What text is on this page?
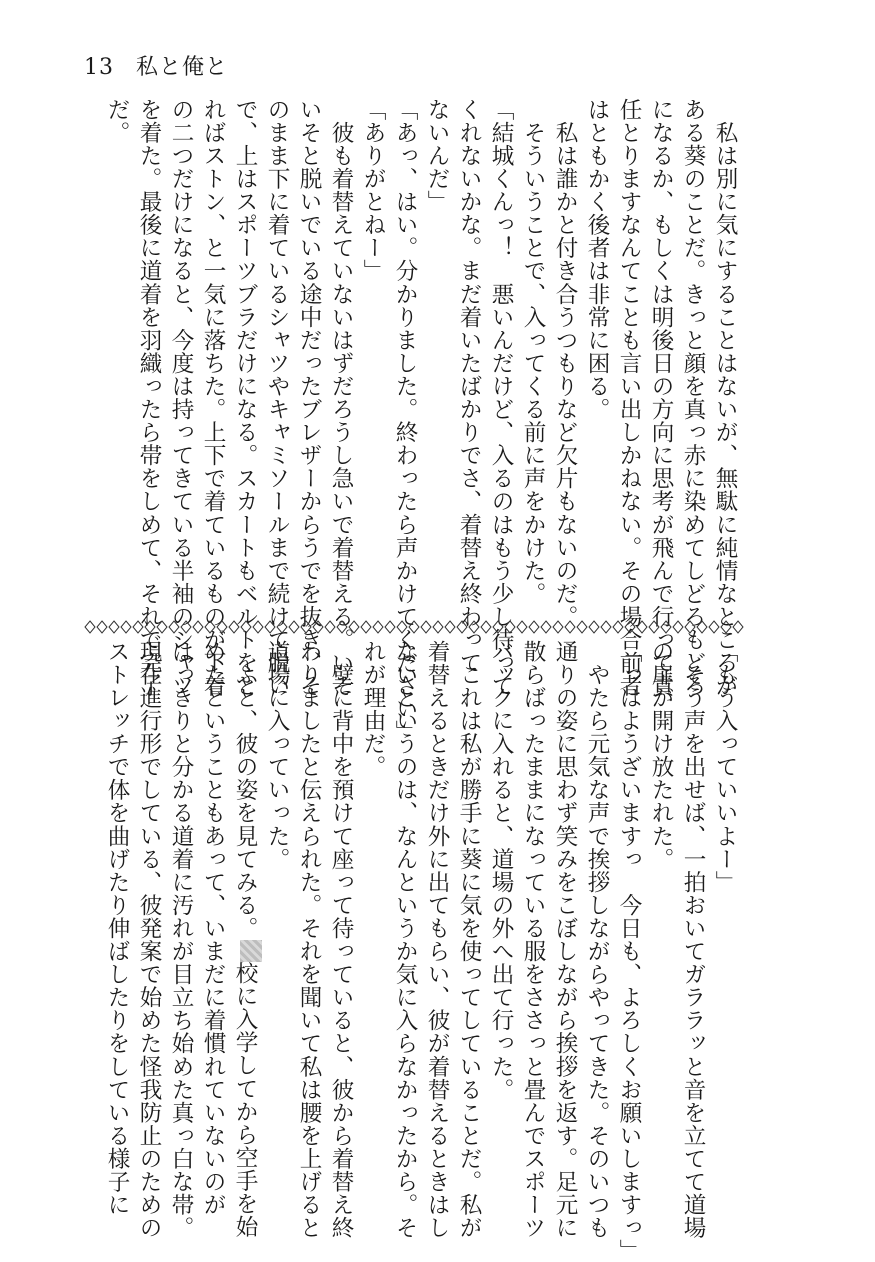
13 私と俺と
　私は別に気にすることはないが、無駄に純情なところが
ある葵のことだ。きっと顔を真っ赤に染めてしどろもどろ
になるか、もしくは明後日の方向に思考が飛んで行って責
任とりますなんてことも言い出しかねない。その場合前者
はともかく後者は非常に困る。
　私は誰かと付き合うつもりなど欠片もないのだ。
　そういうことで、入ってくる前に声をかけた。
「結城くんっ！　悪いんだけど、入るのはもう少し待って
くれないかな。まだ着いたばかりでさ、着替え終わって
ないんだ」
「あっ、はい。分かりました。終わったら声かけてください」
「ありがとねー」
　彼も着替えていないはずだろうし急いで着替える。いそ
いそと脱いでいる途中だったブレザーからうでを抜き、そ
のまま下に着ているシャツやキャミソールまで続けて脱い
で、上はスポーツブラだけになる。スカートもベルトをと
ればストン、と一気に落ちた。上下で着ているものが下着
の二つだけになると、今度は持ってきている半袖のシャツ
を着た。最後に道着を羽織ったら帯をしめて、それで完了
だ。
「もう入っていいよー」
　そう声を出せば、一拍おいてガララッと音を立てて道場
の扉が開け放たれた。
「っはようざいますっ　今日も、よろしくお願いしますっ」
　やたら元気な声で挨拶しながらやってきた。そのいつも
通りの姿に思わず笑みをこぼしながら挨拶を返す。足元に
散らばったままになっている服をささっと畳んでスポーツ
バックに入れると、道場の外へ出て行った。
　これは私が勝手に葵に気を使ってしていることだ。私が
着替えるときだけ外に出てもらい、彼が着替えるときはし
ないというのは、なんというか気に入らなかったから。そ
れが理由だ。
　壁に背中を預けて座って待っていると、彼から着替え終
わりましたと伝えられた。それを聞いて私は腰を上げると
道場に入っていった。
　ふと、彼の姿を見てみる。校に入学してから空手を始
めたということもあって、いまだに着慣れていないのが
はっきりと分かる道着に汚れが目立ち始めた真っ白な帯。
現在進行形でしている、彼発案で始めた怪我防止のための
ストレッチで体を曲げたり伸ばしたりをしている様子に
